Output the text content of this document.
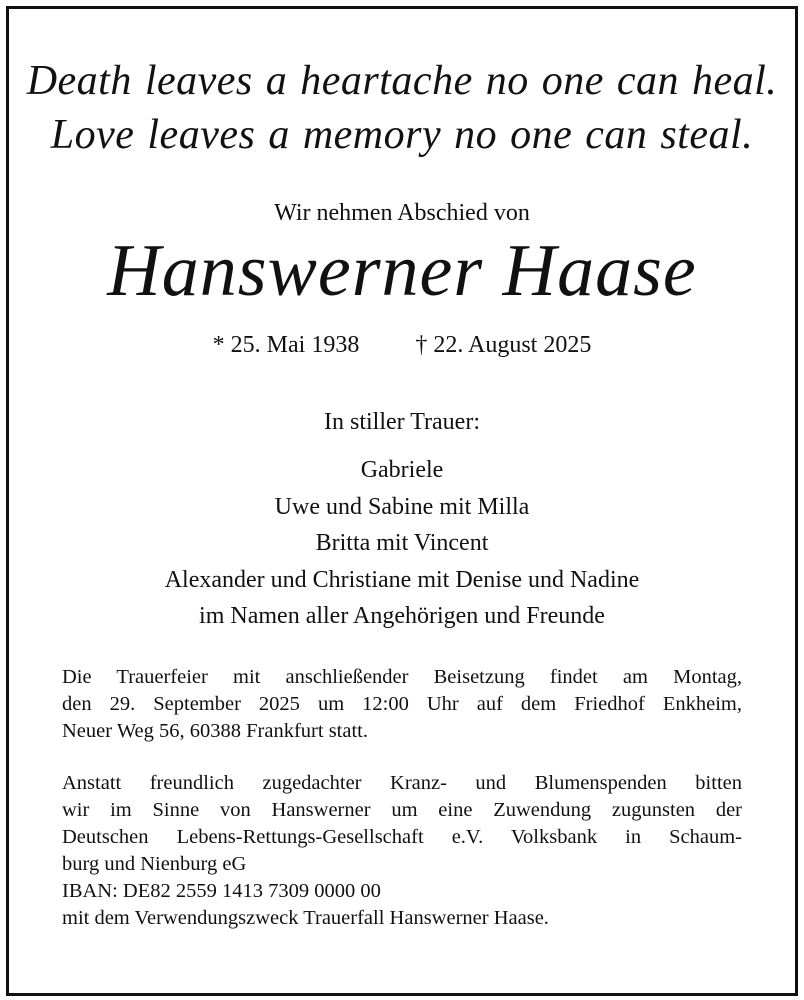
Death leaves a heartache no one can heal.
Love leaves a memory no one can steal.
Wir nehmen Abschied von
Hanswerner Haase
* 25. Mai 1938 † 22. August 2025
In stiller Trauer:
Gabriele
Uwe und Sabine mit Milla
Britta mit Vincent
Alexander und Christiane mit Denise und Nadine
im Namen aller Angehörigen und Freunde
Die Trauerfeier mit anschließender Beisetzung findet am Montag,
den 29. September 2025 um 12:00 Uhr auf dem Friedhof Enkheim,
Neuer Weg 56, 60388 Frankfurt statt.
Anstatt freundlich zugedachter Kranz- und Blumenspenden bitten
wir im Sinne von Hanswerner um eine Zuwendung zugunsten der
Deutschen Lebens-Rettungs-Gesellschaft e.V. Volksbank in Schaum-
burg und Nienburg eG
IBAN: DE82 2559 1413 7309 0000 00
mit dem Verwendungszweck Trauerfall Hanswerner Haase.
